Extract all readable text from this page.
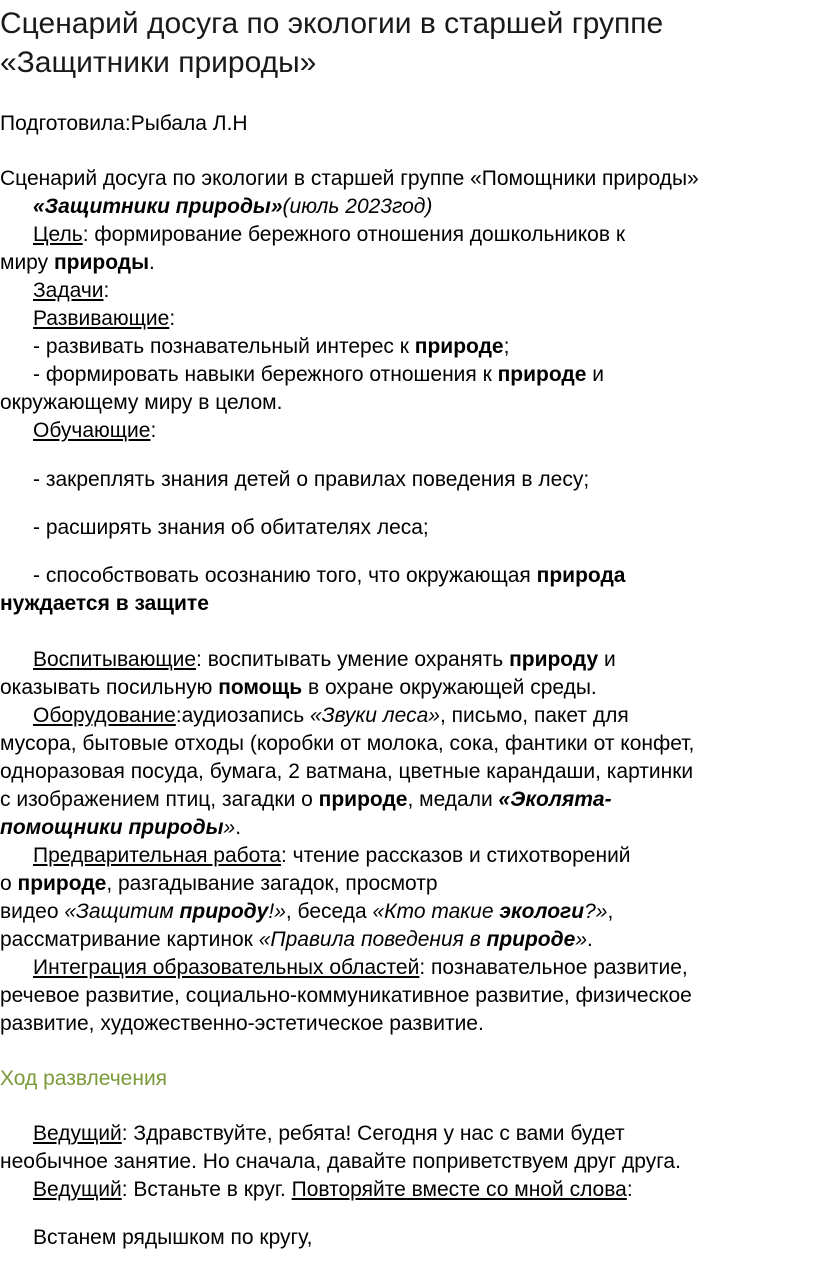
Сценарий досуга по экологии в старшей группе
«Защитники природы»
Подготовила:Рыбала Л.Н
Сценарий досуга по экологии в старшей группе «Помощники природы»
«Защитники природы»(июль 2023год)
Цель: формирование бережного отношения дошкольников к
миру природы.
Задачи:
Развивающие:
- развивать познавательный интерес к природе;
- формировать навыки бережного отношения к природе и
окружающему миру в целом.
Обучающие:
- закреплять знания детей о правилах поведения в лесу;
- расширять знания об обитателях леса;
- способствовать осознанию того, что окружающая природа
нуждается в защите
Воспитывающие: воспитывать умение охранять природу и
оказывать посильную помощь в охране окружающей среды.
Оборудование:аудиозапись «Звуки леса», письмо, пакет для
мусора, бытовые отходы (коробки от молока, сока, фантики от конфет,
одноразовая посуда, бумага, 2 ватмана, цветные карандаши, картинки
с изображением птиц, загадки о природе, медали «Эколята-
помощники природы».
Предварительная работа: чтение рассказов и стихотворений
о природе, разгадывание загадок, просмотр
видео «Защитим природу!», беседа «Кто такие экологи?»,
рассматривание картинок «Правила поведения в природе».
Интеграция образовательных областей: познавательное развитие,
речевое развитие, социально-коммуникативное развитие, физическое
развитие, художественно-эстетическое развитие.
Ход развлечения
Ведущий: Здравствуйте, ребята! Сегодня у нас с вами будет
необычное занятие. Но сначала, давайте поприветствуем друг друга.
Ведущий: Встаньте в круг. Повторяйте вместе со мной слова:
Встанем рядышком по кругу,
